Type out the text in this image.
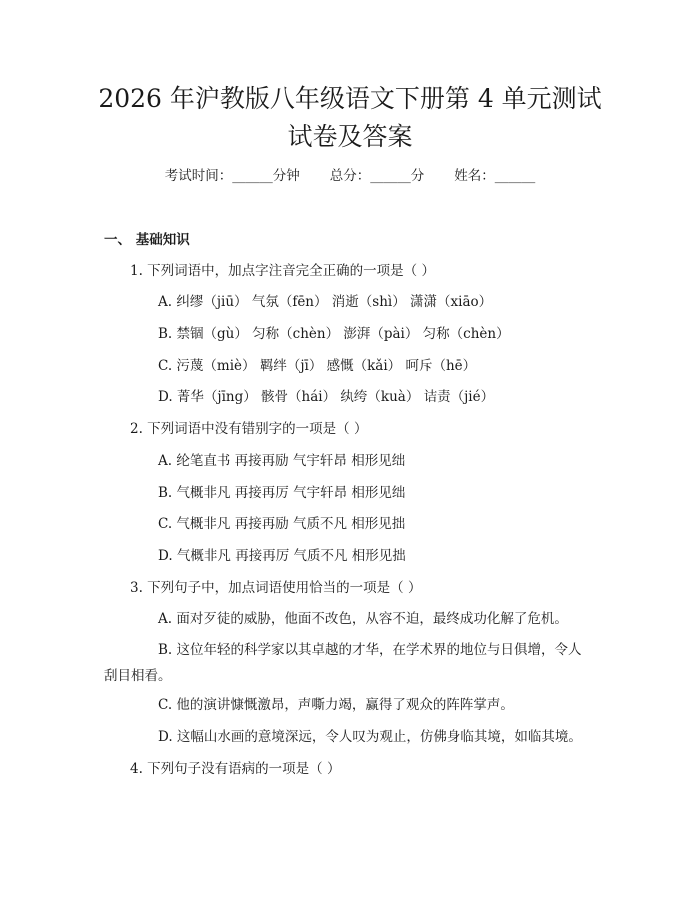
2026 年沪教版八年级语文下册第 4 单元测试
试卷及答案
考试时间：______分钟 总分：______分 姓名：______
一、 基础知识
1. 下列词语中，加点字注音完全正确的一项是（ ）
A. 纠缪（jiū） 气氛（fēn） 消逝（shì） 潇潇（xiāo）
B. 禁锢（gù） 匀称（chèn） 澎湃（pài） 匀称（chèn）
C. 污蔑（miè） 羁绊（jī） 感慨（kǎi） 呵斥（hē）
D. 菁华（jīng） 骸骨（hái） 纨绔（kuà） 诘责（jié）
2. 下列词语中没有错别字的一项是（ ）
A. 纶笔直书 再接再励 气宇轩昂 相形见绌
B. 气概非凡 再接再厉 气宇轩昂 相形见绌
C. 气概非凡 再接再励 气质不凡 相形见拙
D. 气概非凡 再接再厉 气质不凡 相形见拙
3. 下列句子中，加点词语使用恰当的一项是（ ）
A. 面对歹徒的威胁，他面不改色，从容不迫，最终成功化解了危机。
B. 这位年轻的科学家以其卓越的才华，在学术界的地位与日俱增，令人刮目相看。
C. 他的演讲慷慨激昂，声嘶力竭，赢得了观众的阵阵掌声。
D. 这幅山水画的意境深远，令人叹为观止，仿佛身临其境，如临其境。
4. 下列句子没有语病的一项是（ ）
